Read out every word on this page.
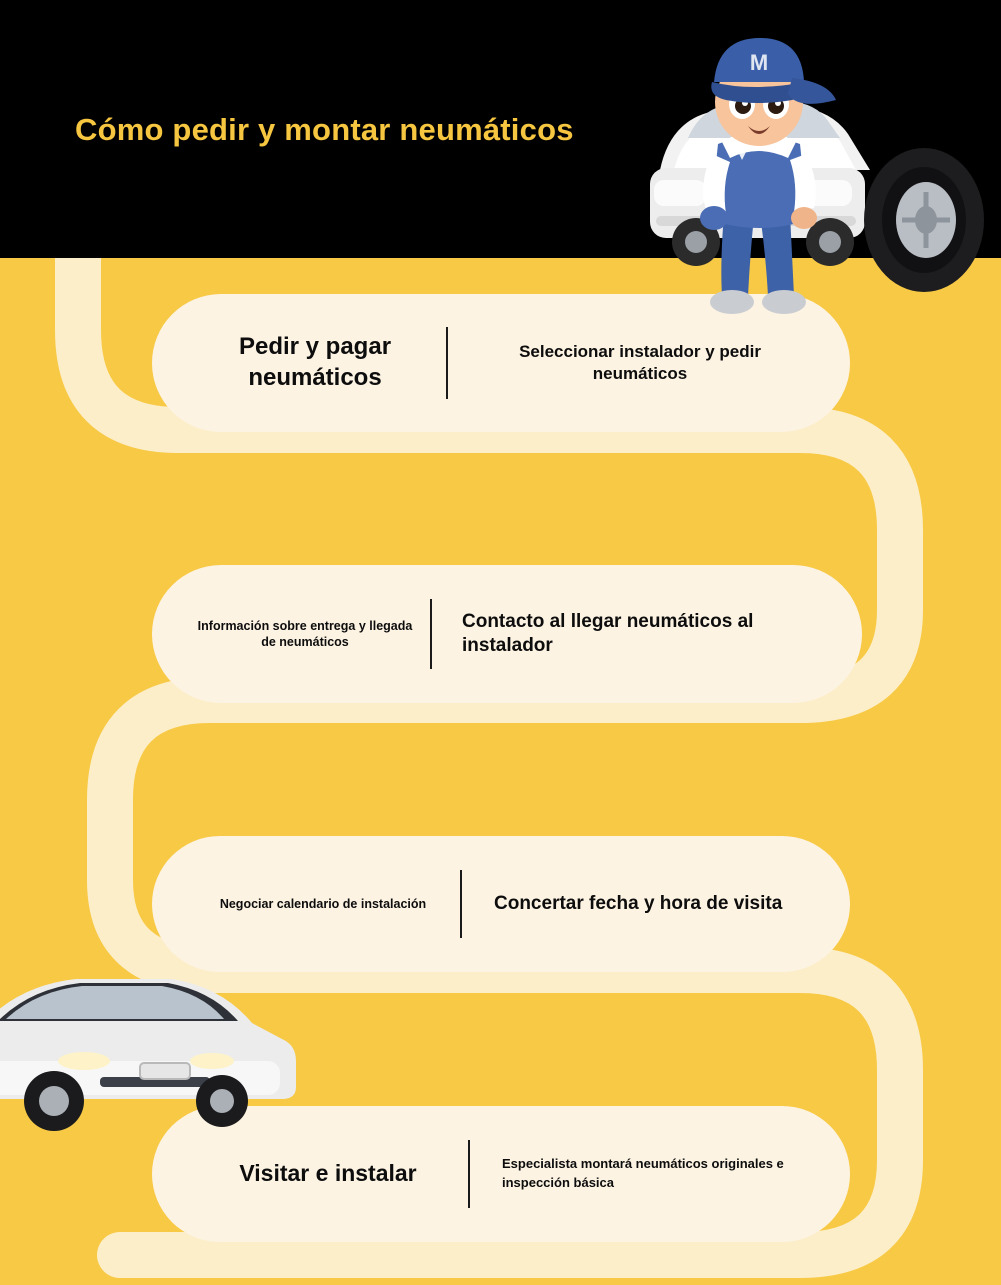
Cómo pedir y montar neumáticos
M
Pedir y pagar neumáticos
Seleccionar instalador y pedir neumáticos
Información sobre entrega y llegada de neumáticos
Contacto al llegar neumáticos al instalador
Negociar calendario de instalación	Concertar fecha y hora de visita
Visitar e instalar	Especialista montará neumáticos originales e inspección básica
